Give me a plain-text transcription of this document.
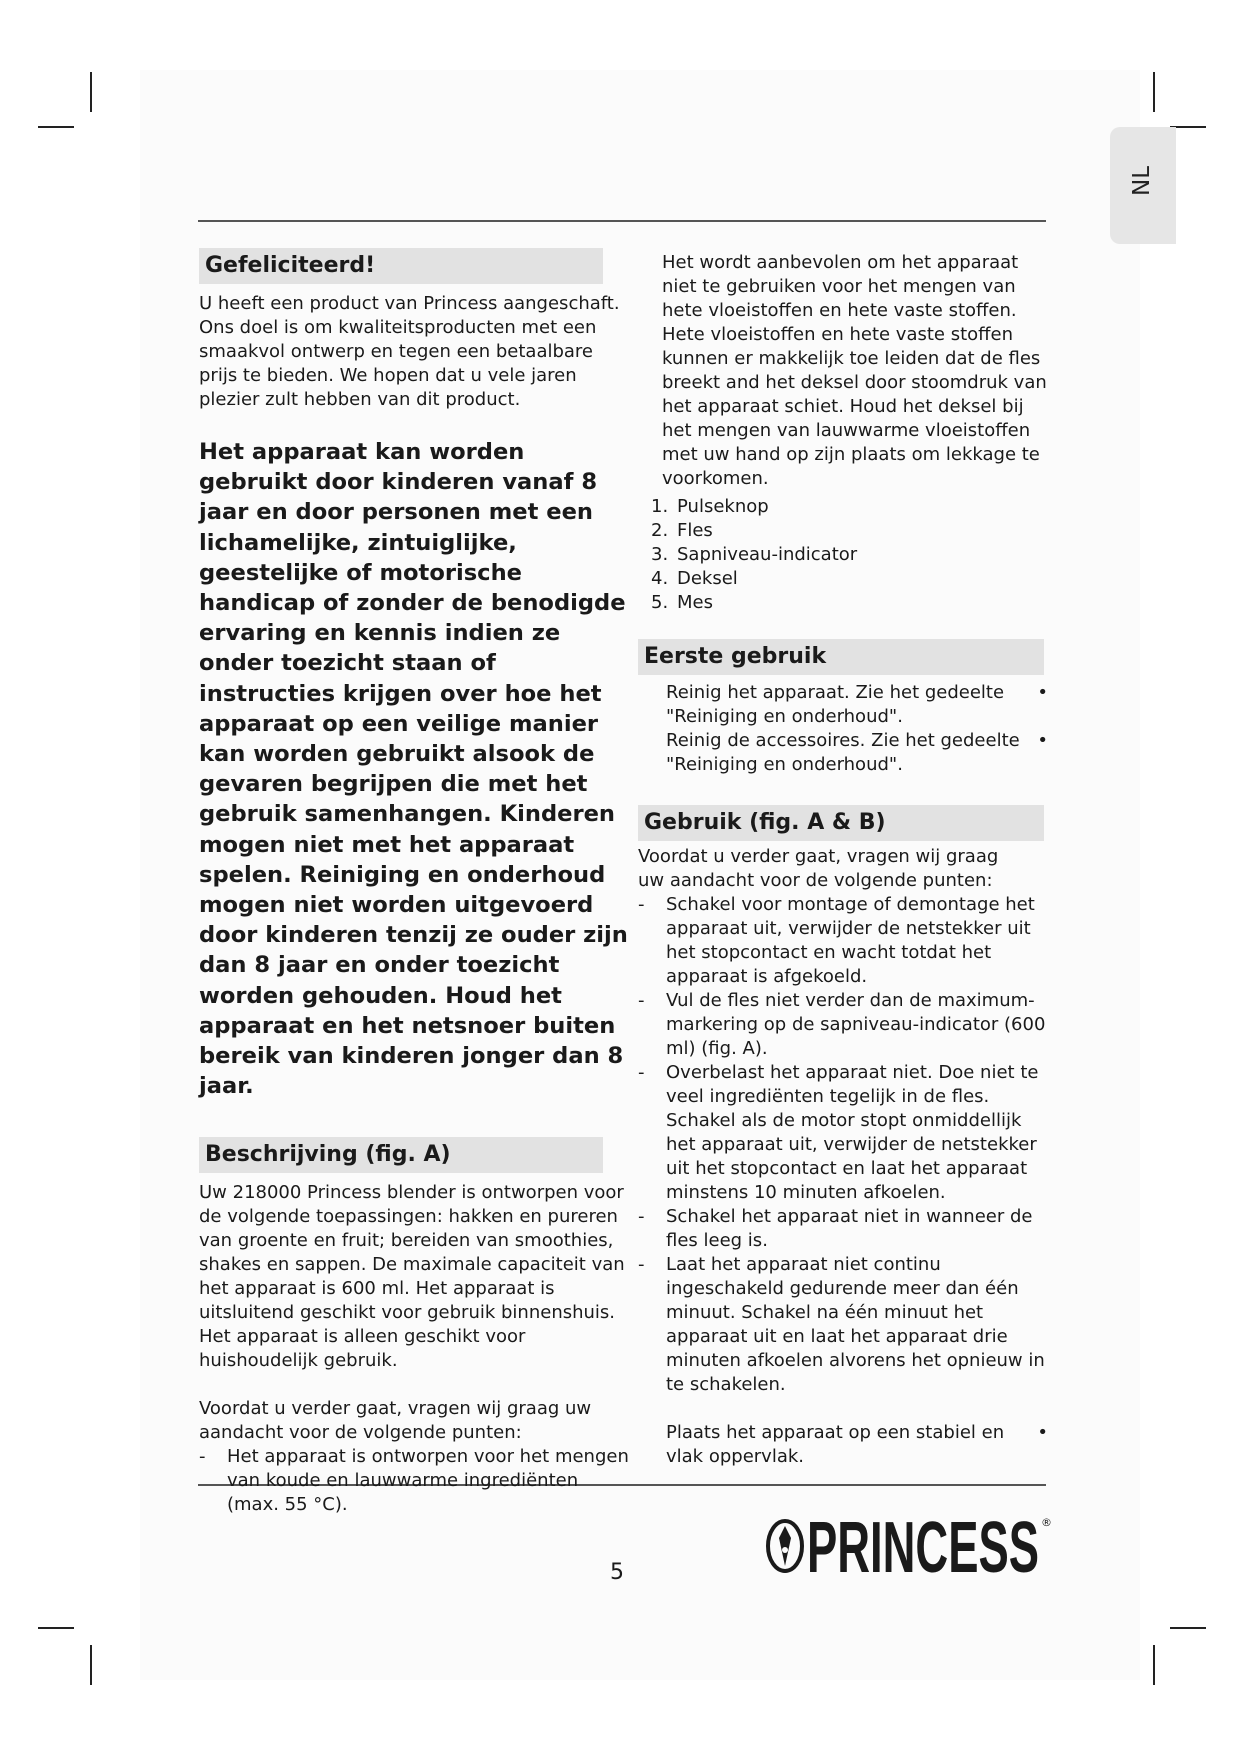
NL
Gefeliciteerd!
U heeft een product van Princess aangeschaft. Ons doel is om kwaliteitsproducten met een smaakvol ontwerp en tegen een betaalbare prijs te bieden. We hopen dat u vele jaren plezier zult hebben van dit product.
Het apparaat kan worden gebruikt door kinderen vanaf 8 jaar en door personen met een lichamelijke, zintuiglijke, geestelijke of motorische handicap of zonder de benodigde ervaring en kennis indien ze onder toezicht staan of instructies krijgen over hoe het apparaat op een veilige manier kan worden gebruikt alsook de gevaren begrijpen die met het gebruik samenhangen. Kinderen mogen niet met het apparaat spelen. Reiniging en onderhoud mogen niet worden uitgevoerd door kinderen tenzij ze ouder zijn dan 8 jaar en onder toezicht worden gehouden. Houd het apparaat en het netsnoer buiten bereik van kinderen jonger dan 8 jaar.
Beschrijving (fig. A)
Uw 218000 Princess blender is ontworpen voor de volgende toepassingen: hakken en pureren van groente en fruit; bereiden van smoothies, shakes en sappen. De maximale capaciteit van het apparaat is 600 ml. Het apparaat is uitsluitend geschikt voor gebruik binnenshuis. Het apparaat is alleen geschikt voor huishoudelijk gebruik.
Voordat u verder gaat, vragen wij graag uw aandacht voor de volgende punten:
- Het apparaat is ontworpen voor het mengen van koude en lauwwarme ingrediënten (max. 55 °C).
Het wordt aanbevolen om het apparaat niet te gebruiken voor het mengen van hete vloeistoffen en hete vaste stoffen. Hete vloeistoffen en hete vaste stoffen kunnen er makkelijk toe leiden dat de fles breekt and het deksel door stoomdruk van het apparaat schiet. Houd het deksel bij het mengen van lauwwarme vloeistoffen met uw hand op zijn plaats om lekkage te voorkomen.
1. Pulseknop
2. Fles
3. Sapniveau-indicator
4. Deksel
5. Mes
Eerste gebruik
Reinig het apparaat. Zie het gedeelte "Reiniging en onderhoud".
•
Reinig de accessoires. Zie het gedeelte "Reiniging en onderhoud".
•
Gebruik (fig. A & B)
Voordat u verder gaat, vragen wij graag uw aandacht voor de volgende punten:
- Schakel voor montage of demontage het apparaat uit, verwijder de netstekker uit het stopcontact en wacht totdat het apparaat is afgekoeld.
- Vul de fles niet verder dan de maximum-markering op de sapniveau-indicator (600 ml) (fig. A).
- Overbelast het apparaat niet. Doe niet te veel ingrediënten tegelijk in de fles. Schakel als de motor stopt onmiddellijk het apparaat uit, verwijder de netstekker uit het stopcontact en laat het apparaat minstens 10 minuten afkoelen.
- Schakel het apparaat niet in wanneer de fles leeg is.
- Laat het apparaat niet continu ingeschakeld gedurende meer dan één minuut. Schakel na één minuut het apparaat uit en laat het apparaat drie minuten afkoelen alvorens het opnieuw in te schakelen.
Plaats het apparaat op een stabiel en vlak oppervlak.
•
5	PRINCESS ®
